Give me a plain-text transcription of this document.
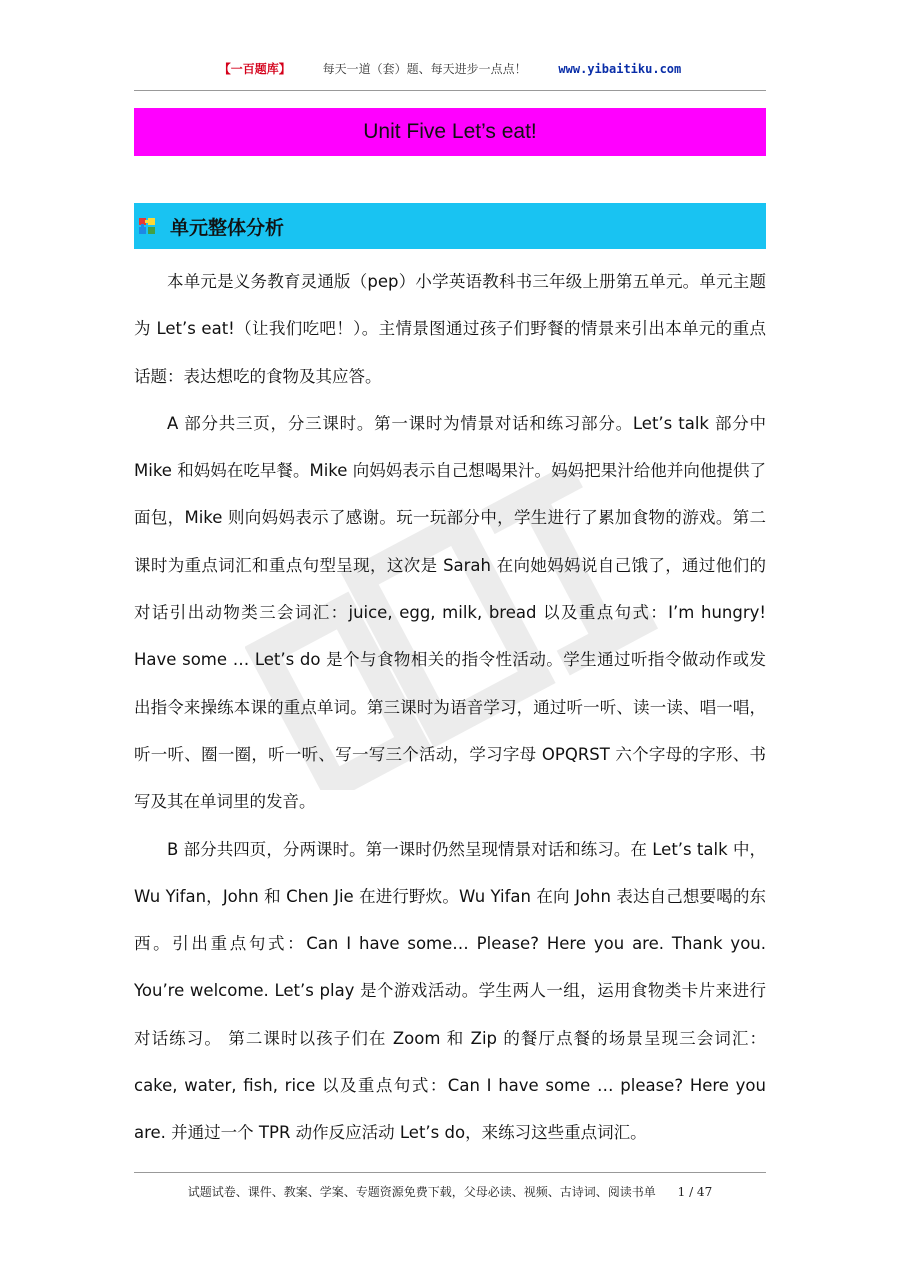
【一百题库】	每天一道（套）题、每天进步一点点！	www.yibaitiku.com
Unit Five Let’s eat!
单元整体分析

本单元是义务教育灵通版（pep）小学英语教科书三年级上册第五单元。单元主题为 Let’s eat!（让我们吃吧！）。主情景图通过孩子们野餐的情景来引出本单元的重点话题：表达想吃的食物及其应答。

A 部分共三页，分三课时。第一课时为情景对话和练习部分。Let’s talk 部分中 Mike 和妈妈在吃早餐。Mike 向妈妈表示自己想喝果汁。妈妈把果汁给他并向他提供了面包，Mike 则向妈妈表示了感谢。玩一玩部分中，学生进行了累加食物的游戏。第二课时为重点词汇和重点句型呈现，这次是 Sarah 在向她妈妈说自己饿了，通过他们的对话引出动物类三会词汇：juice, egg, milk, bread 以及重点句式：I’m hungry! Have some … Let’s do 是个与食物相关的指令性活动。学生通过听指令做动作或发出指令来操练本课的重点单词。第三课时为语音学习，通过听一听、读一读、唱一唱，听一听、圈一圈，听一听、写一写三个活动，学习字母 OPQRST 六个字母的字形、书写及其在单词里的发音。

B 部分共四页，分两课时。第一课时仍然呈现情景对话和练习。在 Let’s talk 中，Wu Yifan，John 和 Chen Jie 在进行野炊。Wu Yifan 在向 John 表达自己想要喝的东西。引出重点句式：Can I have some… Please? Here you are. Thank you. You’re welcome. Let’s play 是个游戏活动。学生两人一组，运用食物类卡片来进行对话练习。 第二课时以孩子们在 Zoom 和 Zip 的餐厅点餐的场景呈现三会词汇：cake, water, fish, rice 以及重点句式：Can I have some … please? Here you are. 并通过一个 TPR 动作反应活动 Let’s do，来练习这些重点词汇。

试题试卷、课件、教案、学案、专题资源免费下载，父母必读、视频、古诗词、阅读书单 1 / 47
